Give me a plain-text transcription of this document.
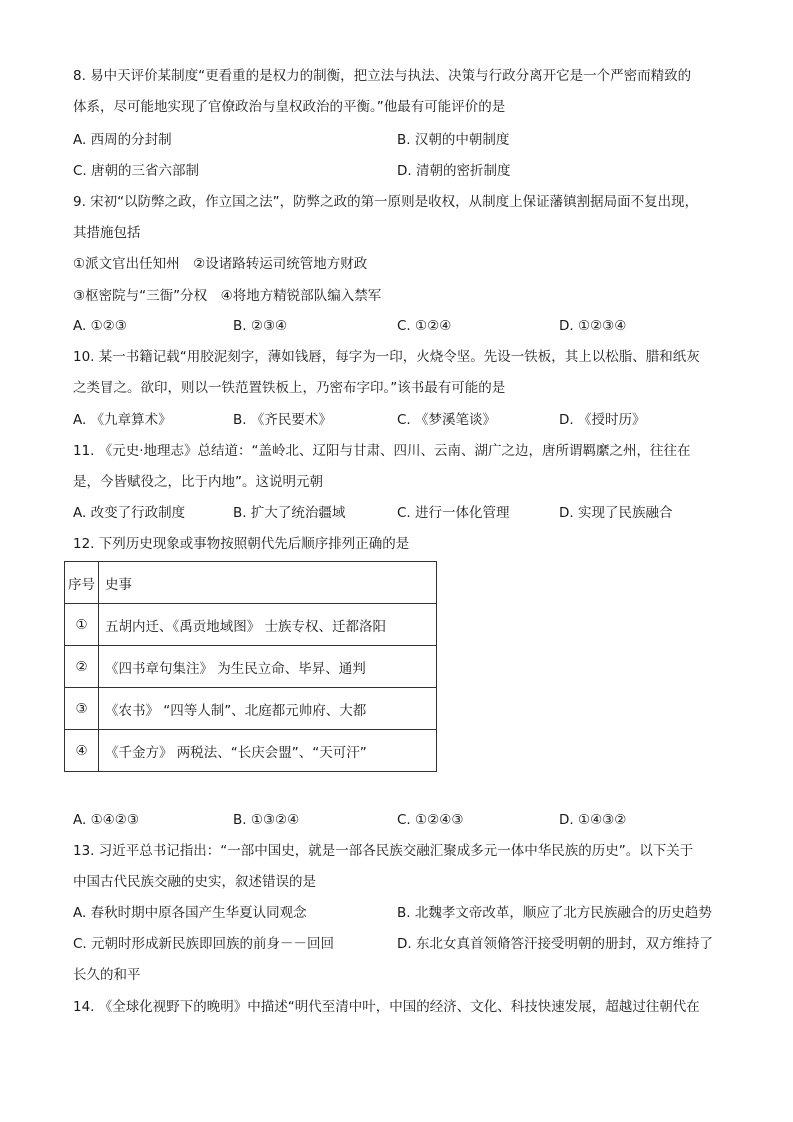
8. 易中天评价某制度“更看重的是权力的制衡，把立法与执法、决策与行政分离开它是一个严密而精致的
体系，尽可能地实现了官僚政治与皇权政治的平衡。”他最有可能评价的是
A. 西周的分封制	B. 汉朝的中朝制度
C. 唐朝的三省六部制	D. 清朝的密折制度
9. 宋初“以防弊之政，作立国之法”，防弊之政的第一原则是收权，从制度上保证藩镇割据局面不复出现，
其措施包括
①派文官出任知州　②设诸路转运司统管地方财政
③枢密院与“三衙”分权　④将地方精锐部队编入禁军
A. ①②③	B. ②③④	C. ①②④	D. ①②③④
10. 某一书籍记载“用胶泥刻字，薄如钱唇，每字为一印，火烧令坚。先设一铁板，其上以松脂、腊和纸灰
之类冒之。欲印，则以一铁范置铁板上，乃密布字印。”该书最有可能的是
A. 《九章算术》	B. 《齐民要术》	C. 《梦溪笔谈》	D. 《授时历》
11. 《元史·地理志》总结道：“盖岭北、辽阳与甘肃、四川、云南、湖广之边，唐所谓羁縻之州，往往在
是，今皆赋役之，比于内地”。这说明元朝
A. 改变了行政制度	B. 扩大了统治疆域	C. 进行一体化管理	D. 实现了民族融合
12. 下列历史现象或事物按照朝代先后顺序排列正确的是
序号	史事
①	五胡内迁、《禹贡地域图》 士族专权、迁都洛阳
②	《四书章句集注》 为生民立命、毕昇、通判
③	《农书》 “四等人制”、北庭都元帅府、大都
④	《千金方》 两税法、“长庆会盟”、“天可汗”
A. ①④②③	B. ①③②④	C. ①②④③	D. ①④③②
13. 习近平总书记指出：“一部中国史，就是一部各民族交融汇聚成多元一体中华民族的历史”。以下关于
中国古代民族交融的史实，叙述错误的是
A. 春秋时期中原各国产生华夏认同观念	B. 北魏孝文帝改革，顺应了北方民族融合的历史趋势
C. 元朝时形成新民族即回族的前身－－回回	D. 东北女真首领脩答汗接受明朝的册封，双方维持了
长久的和平
14. 《全球化视野下的晚明》中描述“明代至清中叶，中国的经济、文化、科技快速发展，超越过往朝代在
